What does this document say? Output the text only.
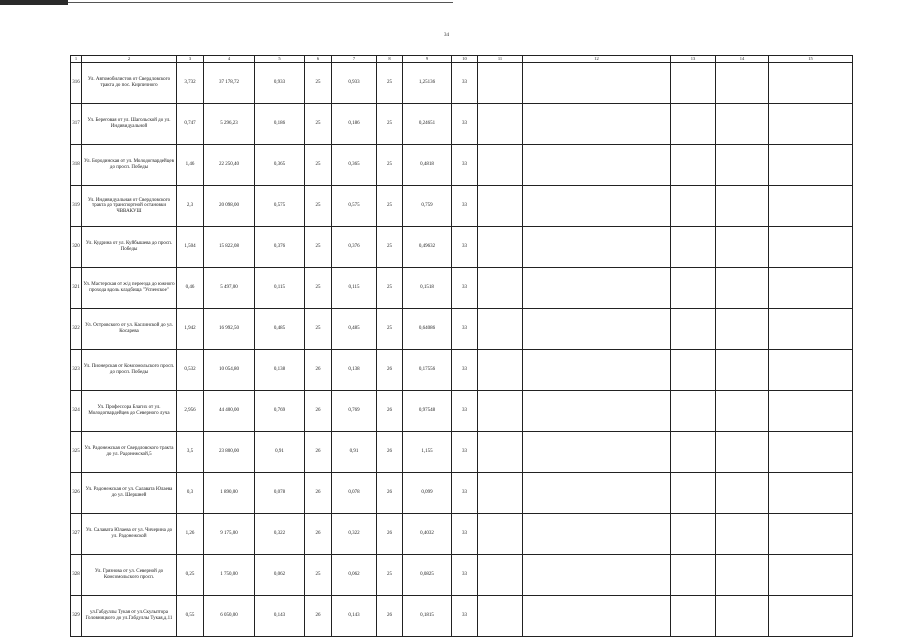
34
1	2	3	4	5	6	7	8	9	10	11	12	13	14	15
316	Ул. Автомобилистов от Свердловского тракта до пос. Кирпичного	3,732	37 178,72	0,933	25	0,933	25	1,25136	33					
317	Ул. Береговая от ул. Шагольской до ул. Индивидуальной	0,747	5 296,23	0,186	25	0,186	25	0,24651	33					
318	Ул. Бородинская от ул. Молодогвардейцев до просп. Победы	1,46	22 250,40	0,365	25	0,365	25	0,4818	33					
319	Ул. Индивидуальная от Свердловского тракта до транспортной остановки ЧВВАКУШ	2,3	20 098,00	0,575	25	0,575	25	0,759	33					
320	Ул. Кудрина от ул. Куйбышева до просп. Победы	1,504	15 822,08	0,376	25	0,376	25	0,49632	33					
321	Ул. Мастерская от ж/д переезда до южного прохода вдоль кладбища "Успенское"	0,46	5 497,00	0,115	25	0,115	25	0,1518	33					
322	Ул. Островского от ул. Каслинской до ул. Косарева	1,942	16 992,50	0,485	25	0,485	25	0,64086	33					
323	Ул. Пионерская от Комсомольского просп. до просп. Победы	0,532	10 054,80	0,138	26	0,138	26	0,17556	33					
324	Ул. Профессора Благих от ул. Молодогвардейцев до Северного луча	2,956	44 400,00	0,769	26	0,769	26	0,97548	33					
325	Ул. Радонежская от Свердловского тракта до ул. Радонежской,5	3,5	23 800,00	0,91	26	0,91	26	1,155	33					
326	Ул. Радонежская от ул. Салавата Юлаева до ул. Шершней	0,3	1 890,00	0,078	26	0,078	26	0,099	33					
327	Ул. Салавата Юлаева от ул. Чичерина до ул. Радонежской	1,26	9 175,00	0,322	26	0,322	26	0,4032	33					
328	Ул. Грязнова от ул. Северной до Комсомольского просп.	0,25	1 750,00	0,062	25	0,062	25	0,0825	33					
329	ул.Габдуллы Тукая от ул.Скульптора Головницкого до ул.Габдуллы Тукая,д.11	0,55	6 050,00	0,143	26	0,143	26	0,1815	33					
